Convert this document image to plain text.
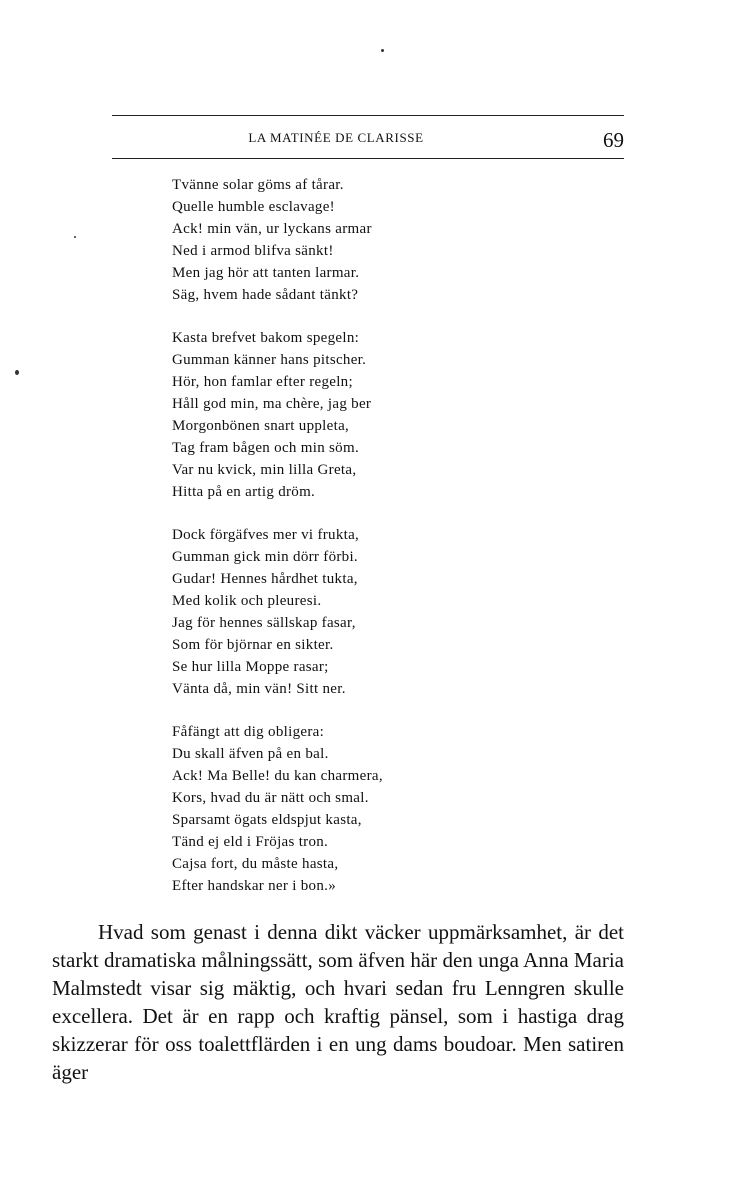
LA MATINÉE DE CLARISSE	69
Tvänne solar göms af tårar.
Quelle humble esclavage!
Ack! min vän, ur lyckans armar
Ned i armod blifva sänkt!
Men jag hör att tanten larmar.
Säg, hvem hade sådant tänkt?
Kasta brefvet bakom spegeln:
Gumman känner hans pitscher.
Hör, hon famlar efter regeln;
Håll god min, ma chère, jag ber
Morgonbönen snart uppleta,
Tag fram bågen och min söm.
Var nu kvick, min lilla Greta,
Hitta på en artig dröm.
Dock förgäfves mer vi frukta,
Gumman gick min dörr förbi.
Gudar! Hennes hårdhet tukta,
Med kolik och pleuresi.
Jag för hennes sällskap fasar,
Som för björnar en sikter.
Se hur lilla Moppe rasar;
Vänta då, min vän! Sitt ner.
Fåfängt att dig obligera:
Du skall äfven på en bal.
Ack! Ma Belle! du kan charmera,
Kors, hvad du är nätt och smal.
Sparsamt ögats eldspjut kasta,
Tänd ej eld i Fröjas tron.
Cajsa fort, du måste hasta,
Efter handskar ner i bon.»

Hvad som genast i denna dikt väcker uppmärksamhet, är det starkt dramatiska målningssätt, som äfven här den unga Anna Maria Malmstedt visar sig mäktig, och hvari sedan fru Lenngren skulle excellera. Det är en rapp och kraftig pänsel, som i hastiga drag skizzerar för oss toalettflärden i en ung dams boudoar. Men satiren äger
